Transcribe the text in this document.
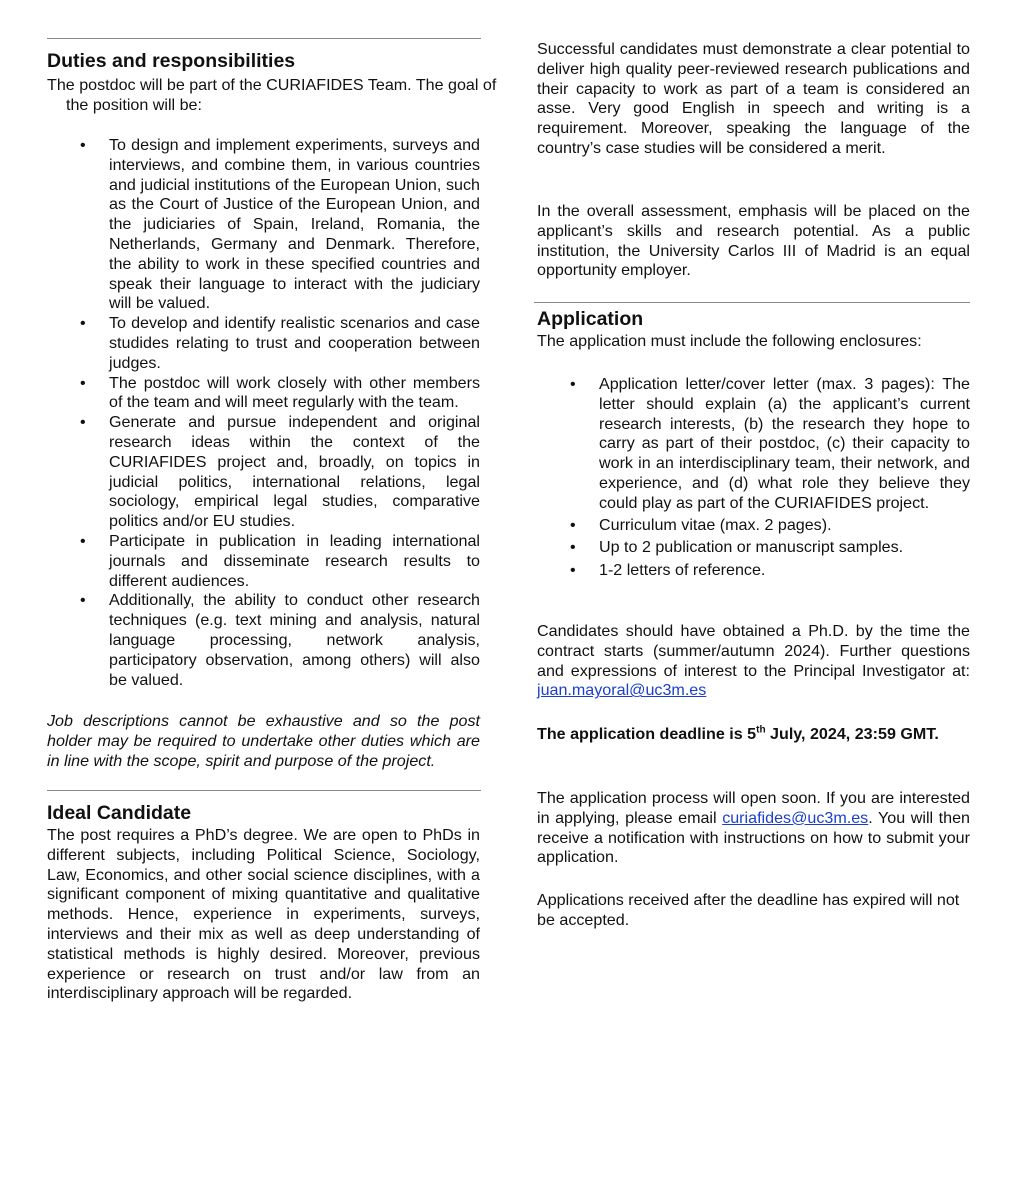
Duties and responsibilities

The postdoc will be part of the CURIAFIDES Team. The goal of the position will be:

• To design and implement experiments, surveys and interviews, and combine them, in various countries and judicial institutions of the European Union, such as the Court of Justice of the European Union, and the judiciaries of Spain, Ireland, Romania, the Netherlands, Germany and Denmark. Therefore, the ability to work in these specified countries and speak their language to interact with the judiciary will be valued.
• To develop and identify realistic scenarios and case studides relating to trust and cooperation between judges.
• The postdoc will work closely with other members of the team and will meet regularly with the team.
• Generate and pursue independent and original research ideas within the context of the CURIAFIDES project and, broadly, on topics in judicial politics, international relations, legal sociology, empirical legal studies, comparative politics and/or EU studies.
• Participate in publication in leading international journals and disseminate research results to different audiences.
• Additionally, the ability to conduct other research techniques (e.g. text mining and analysis, natural language processing, network analysis, participatory observation, among others) will also be valued.

Job descriptions cannot be exhaustive and so the post holder may be required to undertake other duties which are in line with the scope, spirit and purpose of the project.

Ideal Candidate

The post requires a PhD’s degree. We are open to PhDs in different subjects, including Political Science, Sociology, Law, Economics, and other social science disciplines, with a significant component of mixing quantitative and qualitative methods. Hence, experience in experiments, surveys, interviews and their mix as well as deep understanding of statistical methods is highly desired. Moreover, previous experience or research on trust and/or law from an interdisciplinary approach will be regarded.

Successful candidates must demonstrate a clear potential to deliver high quality peer-reviewed research publications and their capacity to work as part of a team is considered an asse. Very good English in speech and writing is a requirement. Moreover, speaking the language of the country’s case studies will be considered a merit.

In the overall assessment, emphasis will be placed on the applicant’s skills and research potential. As a public institution, the University Carlos III of Madrid is an equal opportunity employer.

Application

The application must include the following enclosures:

• Application letter/cover letter (max. 3 pages): The letter should explain (a) the applicant’s current research interests, (b) the research they hope to carry as part of their postdoc, (c) their capacity to work in an interdisciplinary team, their network, and experience, and (d) what role they believe they could play as part of the CURIAFIDES project.
• Curriculum vitae (max. 2 pages).
• Up to 2 publication or manuscript samples.
• 1-2 letters of reference.

Candidates should have obtained a Ph.D. by the time the contract starts (summer/autumn 2024). Further questions and expressions of interest to the Principal Investigator at: juan.mayoral@uc3m.es

The application deadline is 5th July, 2024, 23:59 GMT.

The application process will open soon. If you are interested in applying, please email curiafides@uc3m.es. You will then receive a notification with instructions on how to submit your application.

Applications received after the deadline has expired will not be accepted.
